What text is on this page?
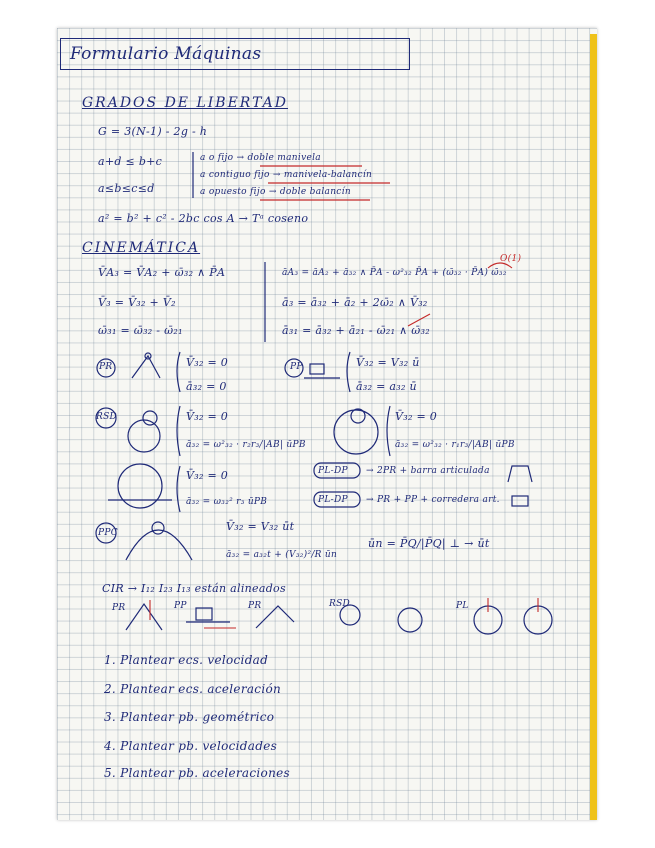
Formulario Máquinas
GRADOS DE LIBERTAD
G = 3(N-1) - 2g - h
a+d ≤ b+c
a≤b≤c≤d
a o fijo → doble manivela
a contiguo fijo → manivela-balancín
a opuesto fijo → doble balancín
a² = b² + c² - 2bc cos A → Tᵃ coseno
CINEMÁTICA
V̄A₃ = V̄A₂ + ω̄₃₂ ∧ P̄A
V̄₃ = V̄₃₂ + V̄₂
ω̄₃₁ = ω̄₃₂ - ω̄₂₁
āA₃ = āA₂ + ā₃₂ ∧ P̄A - ω²₃₂ P̄A + (ω̄₃₂ · P̄A) ω̄₃₂
O(1)
ā₃ = ā₃₂ + ā₂ + 2ω̄₂ ∧ V̄₃₂
ā₃₁ = ā₃₂ + ā₂₁ - ω̄₂₁ ∧ ω̄₃₂
PR	V̄₃₂ = 0
ā₃₂ = 0
PP	V̄₃₂ = V₃₂ ū
ā₃₂ = a₃₂ ū
RSD	V̄₃₂ = 0
ā₃₂ = ω²₃₂ · r₂r₃/|AB| ūPB
V̄₃₂ = 0
ā₃₂ = ω²₃₂ · r₁r₃/|AB| ūPB
V̄₃₂ = 0
ā₃₂ = ω₃₂² r₃ ūPB
PL-DP → 2PR + barra articulada
PL-DP → PR + PP + corredera art.
PPC	V̄₃₂ = V₃₂ ūt
ā₃₂ = a₃₂t + (V₃₂)²/R ūn
ūn = P̄Q/|P̄Q| ⊥ → ūt
CIR → I₁₂ I₂₃ I₁₃ están alineados
PR	PP	PR	RSD	PL
1. Plantear ecs. velocidad
2. Plantear ecs. aceleración
3. Plantear pb. geométrico
4. Plantear pb. velocidades
5. Plantear pb. aceleraciones
